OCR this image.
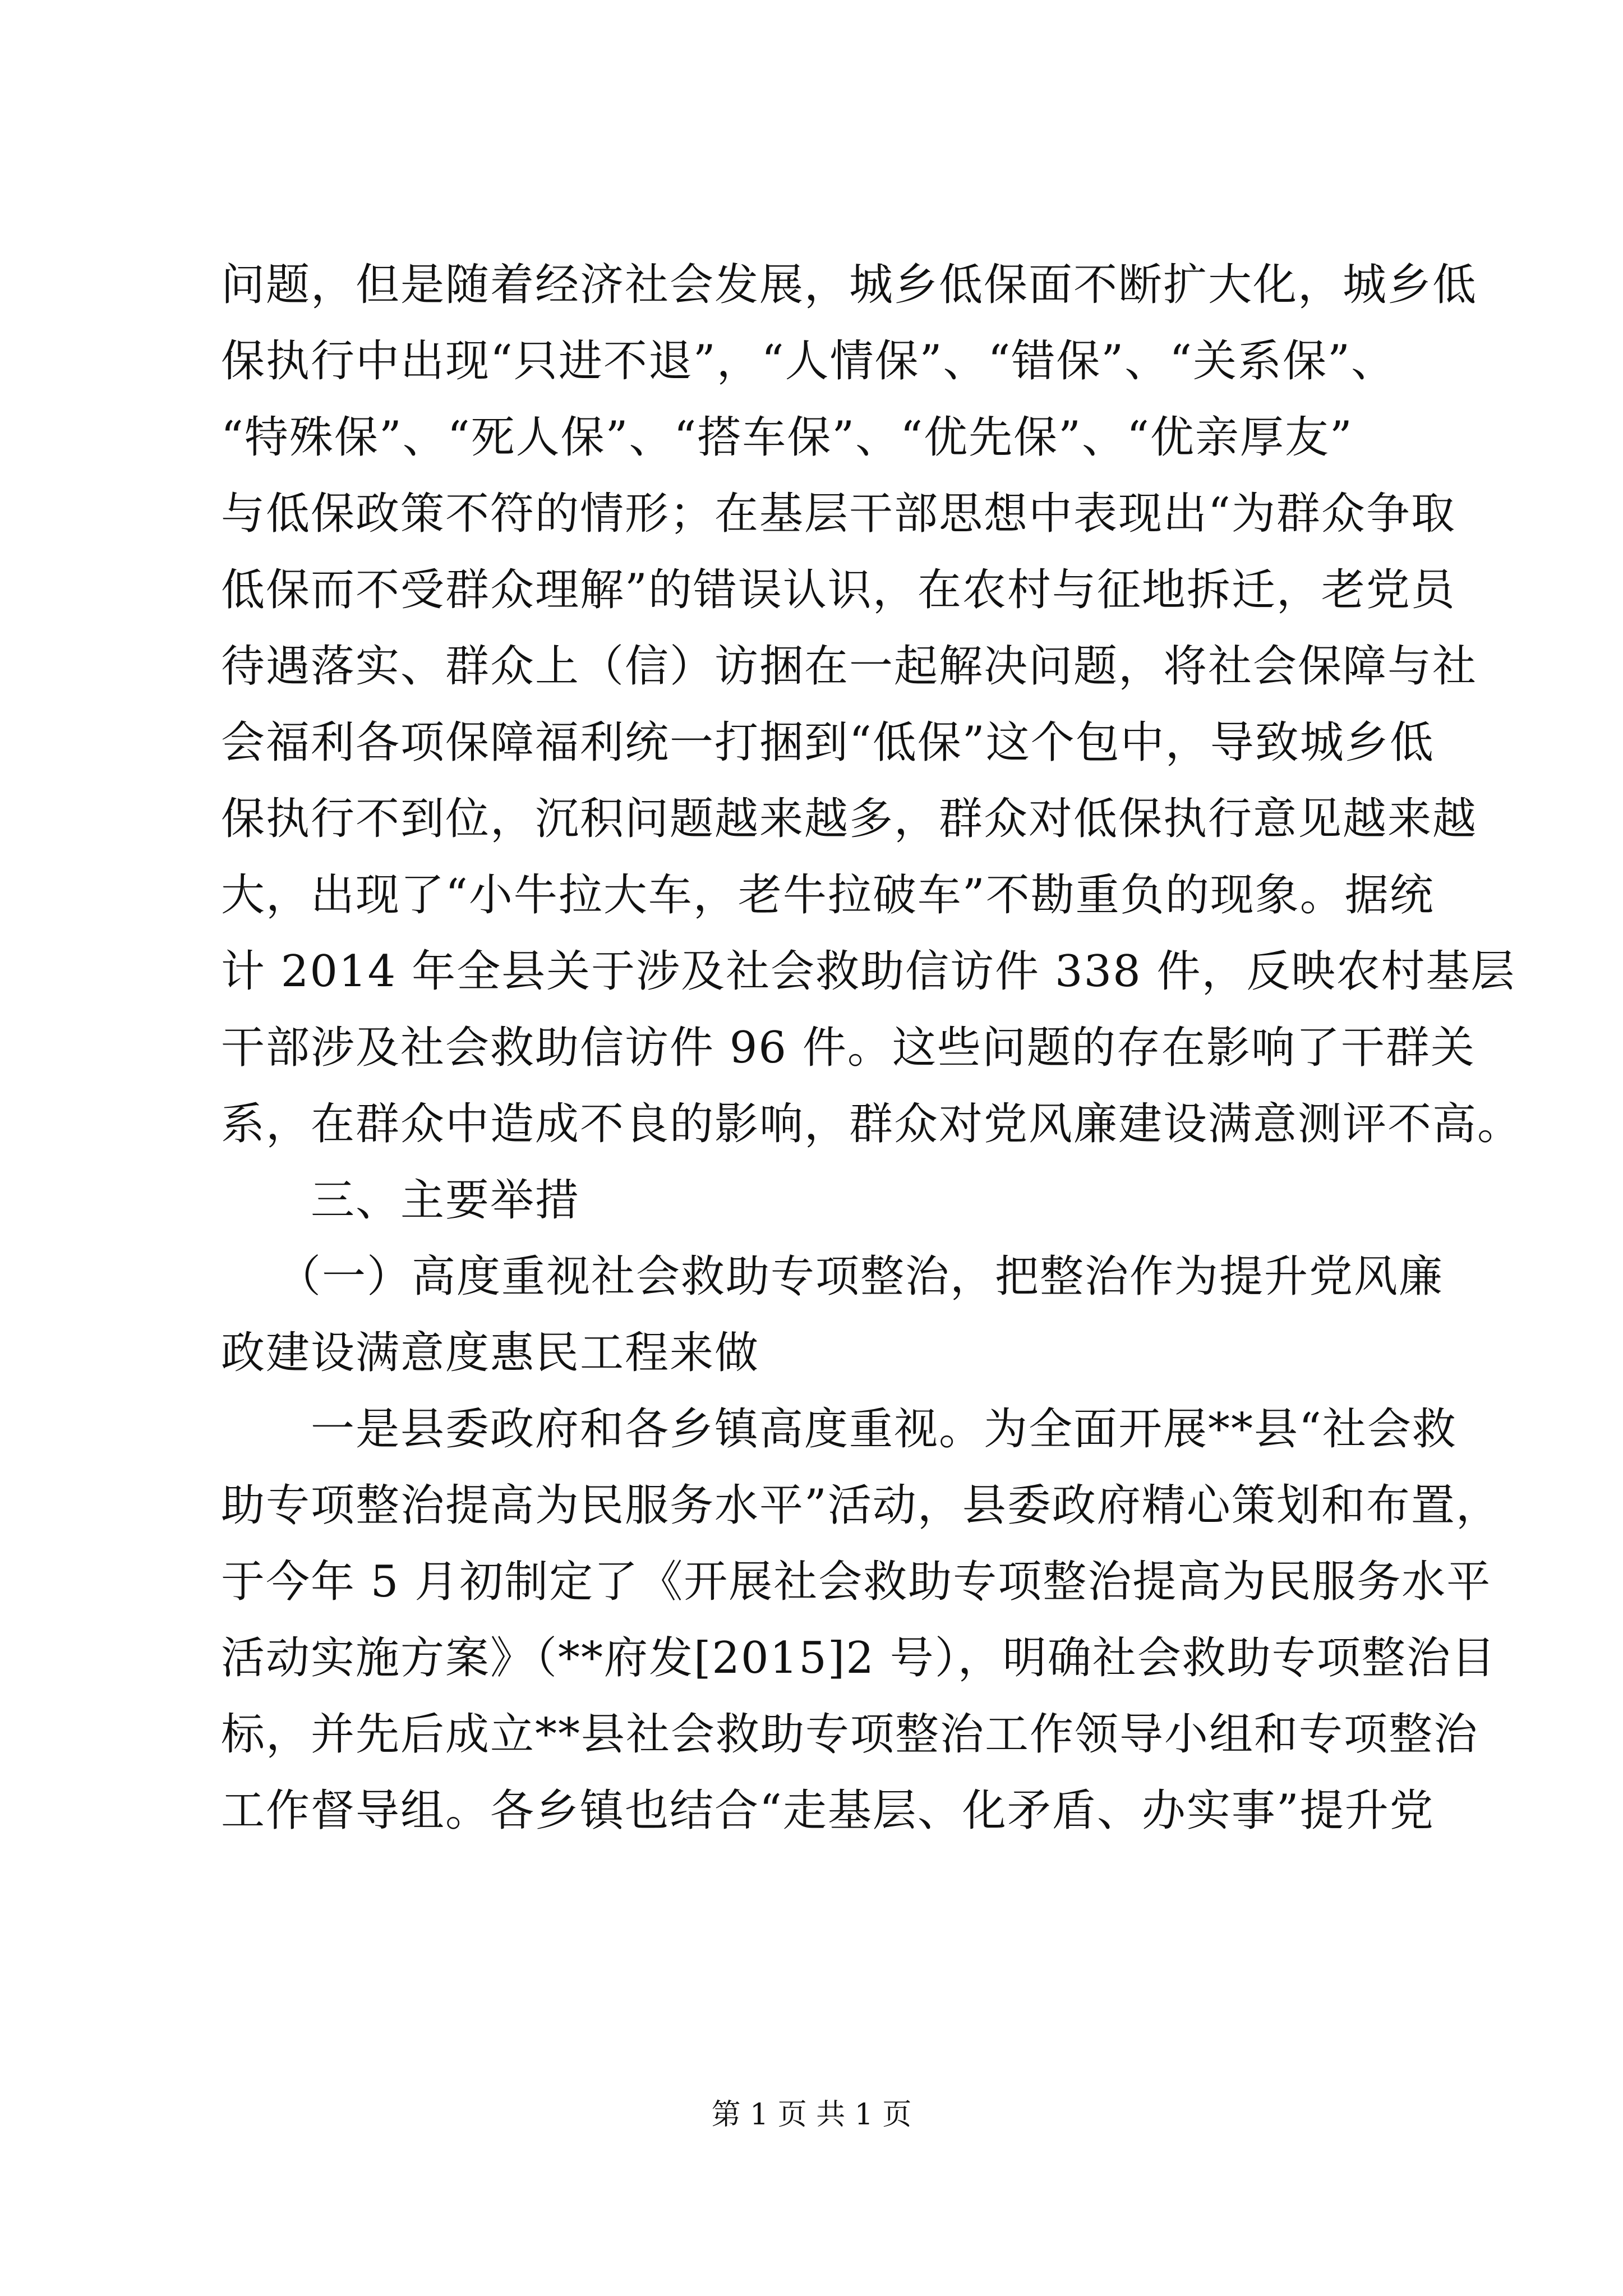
问题，但是随着经济社会发展，城乡低保面不断扩大化，城乡低
保执行中出现“只进不退”，“人情保”、“错保”、“关系保”、
“特殊保”、“死人保”、“搭车保”、“优先保”、“优亲厚友”
与低保政策不符的情形；在基层干部思想中表现出“为群众争取
低保而不受群众理解”的错误认识，在农村与征地拆迁，老党员
待遇落实、群众上（信）访捆在一起解决问题，将社会保障与社
会福利各项保障福利统一打捆到“低保”这个包中，导致城乡低
保执行不到位，沉积问题越来越多，群众对低保执行意见越来越
大，出现了“小牛拉大车，老牛拉破车”不勘重负的现象。据统
计 2014 年全县关于涉及社会救助信访件 338 件，反映农村基层
干部涉及社会救助信访件 96 件。这些问题的存在影响了干群关
系，在群众中造成不良的影响，群众对党风廉建设满意测评不高。
三、主要举措
（一）高度重视社会救助专项整治，把整治作为提升党风廉
政建设满意度惠民工程来做
一是县委政府和各乡镇高度重视。为全面开展**县“社会救
助专项整治提高为民服务水平”活动，县委政府精心策划和布置，
于今年 5 月初制定了《开展社会救助专项整治提高为民服务水平
活动实施方案》（**府发[2015]2 号），明确社会救助专项整治目
标，并先后成立**县社会救助专项整治工作领导小组和专项整治
工作督导组。各乡镇也结合“走基层、化矛盾、办实事”提升党
第 1 页 共 1 页
